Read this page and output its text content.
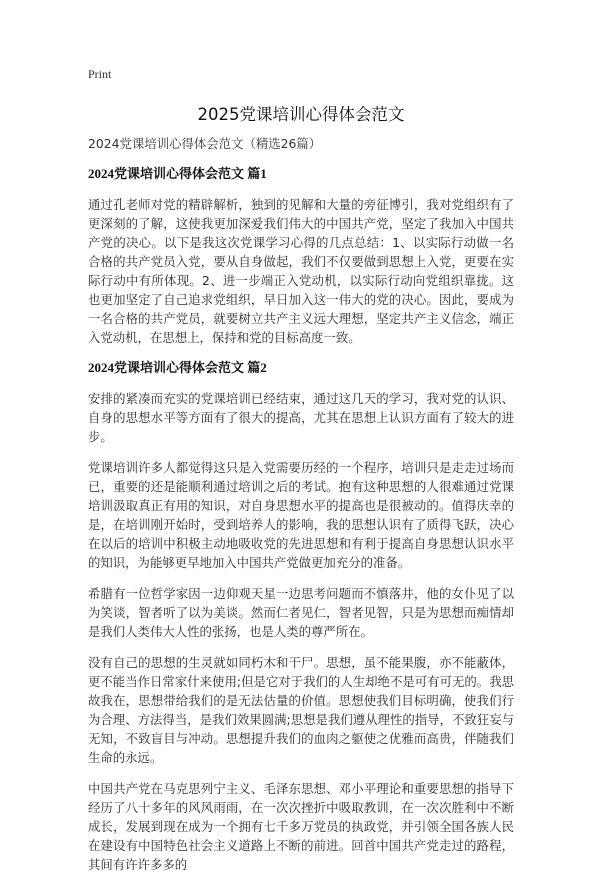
Print
2025党课培训心得体会范文
2024党课培训心得体会范文（精选26篇）
2024党课培训心得体会范文 篇1

通过孔老师对党的精辟解析，独到的见解和大量的旁征博引，我对党组织有了更深刻的了解，这使我更加深爱我们伟大的中国共产党，坚定了我加入中国共产党的决心。以下是我这次党课学习心得的几点总结：1、以实际行动做一名合格的共产党员入党，要从自身做起，我们不仅要做到思想上入党，更要在实际行动中有所体现。2、进一步端正入党动机，以实际行动向党组织靠拢。这也更加坚定了自己追求党组织，早日加入这一伟大的党的决心。因此，要成为一名合格的共产党员，就要树立共产主义远大理想，坚定共产主义信念，端正入党动机，在思想上，保持和党的目标高度一致。

2024党课培训心得体会范文 篇2

安排的紧凑而充实的党课培训已经结束，通过这几天的学习，我对党的认识、自身的思想水平等方面有了很大的提高，尤其在思想上认识方面有了较大的进步。

党课培训许多人都觉得这只是入党需要历经的一个程序，培训只是走走过场而已，重要的还是能顺利通过培训之后的考试。抱有这种思想的人很难通过党课培训汲取真正有用的知识，对自身思想水平的提高也是很被动的。值得庆幸的是，在培训刚开始时，受到培养人的影响，我的思想认识有了质得飞跃，决心在以后的培训中积极主动地吸收党的先进思想和有利于提高自身思想认识水平的知识，为能够更早地加入中国共产党做更加充分的准备。

希腊有一位哲学家因一边仰观天星一边思考问题而不慎落井，他的女仆见了以为笑谈，智者听了以为美谈。然而仁者见仁，智者见智，只是为思想而痴情却是我们人类伟大人性的张扬，也是人类的尊严所在。

没有自己的思想的生灵就如同朽木和干尸。思想，虽不能果腹，亦不能蔽体，更不能当作日常家什来使用;但是它对于我们的人生却绝不是可有可无的。我思故我在，思想带给我们的是无法估量的价值。思想使我们目标明确，使我们行为合理、方法得当，是我们效果圆满;思想是我们遵从理性的指导，不致狂妄与无知，不致盲目与冲动。思想提升我们的血肉之躯使之优雅而高贵，伴随我们生命的永远。

中国共产党在马克思列宁主义、毛泽东思想、邓小平理论和重要思想的指导下经历了八十多年的风风雨雨，在一次次挫折中吸取教训，在一次次胜利中不断成长，发展到现在成为一个拥有七千多万党员的执政党，并引领全国各族人民在建设有中国特色社会主义道路上不断的前进。回首中国共产党走过的路程，其间有许许多多的
